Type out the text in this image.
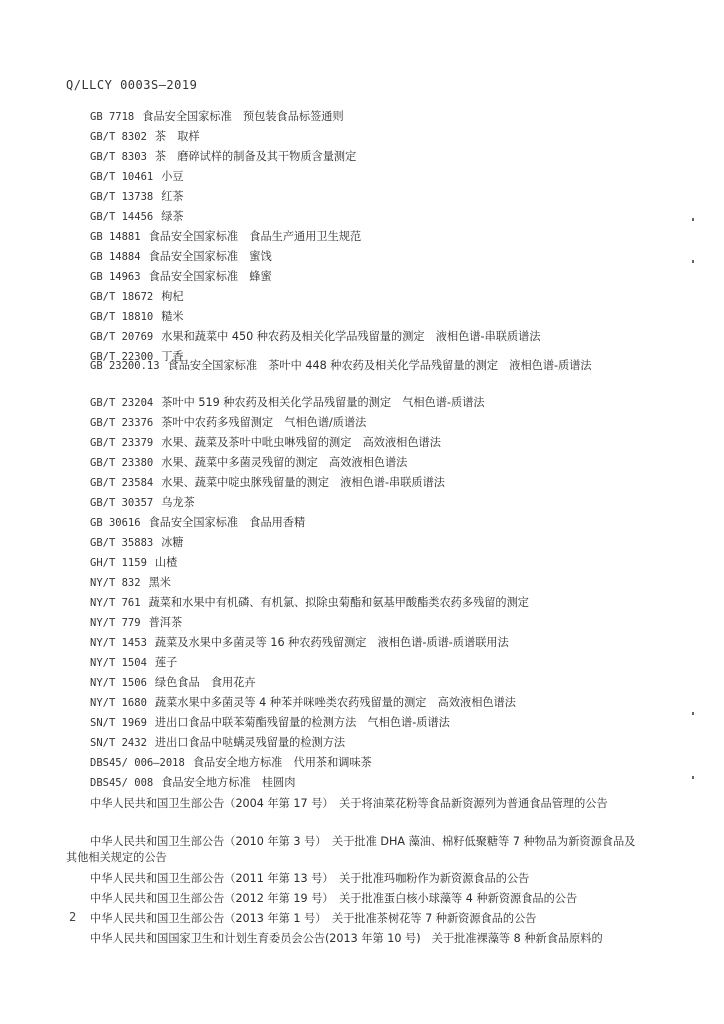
Q/LLCY 0003S—2019
GB 7718 食品安全国家标准　预包装食品标签通则
GB/T 8302 茶　取样
GB/T 8303 茶　磨碎试样的制备及其干物质含量测定
GB/T 10461 小豆
GB/T 13738 红茶
GB/T 14456 绿茶
GB 14881 食品安全国家标准　食品生产通用卫生规范
GB 14884 食品安全国家标准　蜜饯
GB 14963 食品安全国家标准　蜂蜜
GB/T 18672 枸杞
GB/T 18810 糙米
GB/T 20769 水果和蔬菜中 450 种农药及相关化学品残留量的测定　液相色谱-串联质谱法
GB/T 22300 丁香
GB 23200.13 食品安全国家标准　茶叶中 448 种农药及相关化学品残留量的测定　液相色谱-质谱法
GB/T 23204 茶叶中 519 种农药及相关化学品残留量的测定　气相色谱-质谱法
GB/T 23376 茶叶中农药多残留测定　气相色谱/质谱法
GB/T 23379 水果、蔬菜及茶叶中吡虫啉残留的测定　高效液相色谱法
GB/T 23380 水果、蔬菜中多菌灵残留的测定　高效液相色谱法
GB/T 23584 水果、蔬菜中啶虫脒残留量的测定　液相色谱-串联质谱法
GB/T 30357 乌龙茶
GB 30616 食品安全国家标准　食品用香精
GB/T 35883 冰糖
GH/T 1159 山楂
NY/T 832 黑米
NY/T 761 蔬菜和水果中有机磷、有机氯、拟除虫菊酯和氨基甲酸酯类农药多残留的测定
NY/T 779 普洱茶
NY/T 1453 蔬菜及水果中多菌灵等 16 种农药残留测定　液相色谱-质谱-质谱联用法
NY/T 1504 莲子
NY/T 1506 绿色食品　食用花卉
NY/T 1680 蔬菜水果中多菌灵等 4 种苯并咪唑类农药残留量的测定　高效液相色谱法
SN/T 1969 进出口食品中联苯菊酯残留量的检测方法　气相色谱-质谱法
SN/T 2432 进出口食品中哒螨灵残留量的检测方法
DBS45/ 006—2018 食品安全地方标准　代用茶和调味茶
DBS45/ 008 食品安全地方标准　桂圆肉
中华人民共和国卫生部公告（2004 年第 17 号）　关于将油菜花粉等食品新资源列为普通食品管理的公告
中华人民共和国卫生部公告（2010 年第 3 号）　关于批准 DHA 藻油、棉籽低聚糖等 7 种物品为新资源食品及其他相关规定的公告
中华人民共和国卫生部公告（2011 年第 13 号）　关于批准玛咖粉作为新资源食品的公告
中华人民共和国卫生部公告（2012 年第 19 号）　关于批准蛋白核小球藻等 4 种新资源食品的公告
中华人民共和国卫生部公告（2013 年第 1 号）　关于批准茶树花等 7 种新资源食品的公告
中华人民共和国国家卫生和计划生育委员会公告(2013 年第 10 号)　关于批准裸藻等 8 种新食品原料的
2
